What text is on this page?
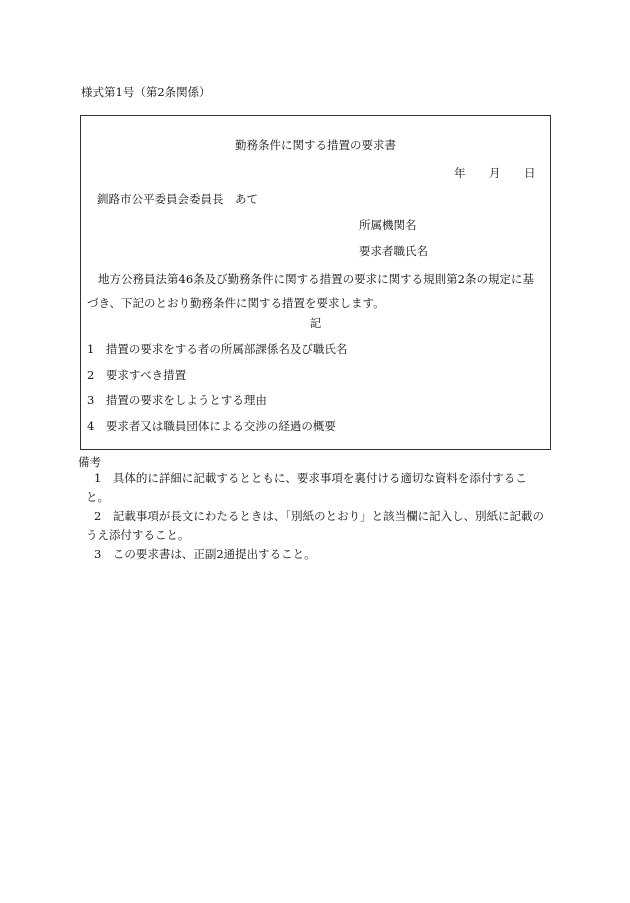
様式第1号（第2条関係）
勤務条件に関する措置の要求書
年 月 日
釧路市公平委員会委員長　あて
所属機関名
要求者職氏名
地方公務員法第46条及び勤務条件に関する措置の要求に関する規則第2条の規定に基づき、下記のとおり勤務条件に関する措置を要求します。
記
1　措置の要求をする者の所属部課係名及び職氏名
2　要求すべき措置
3　措置の要求をしようとする理由
4　要求者又は職員団体による交渉の経過の概要
備考
1　具体的に詳細に記載するとともに、要求事項を裏付ける適切な資料を添付すること。
2　記載事項が長文にわたるときは、「別紙のとおり」と該当欄に記入し、別紙に記載のうえ添付すること。
3　この要求書は、正副2通提出すること。
